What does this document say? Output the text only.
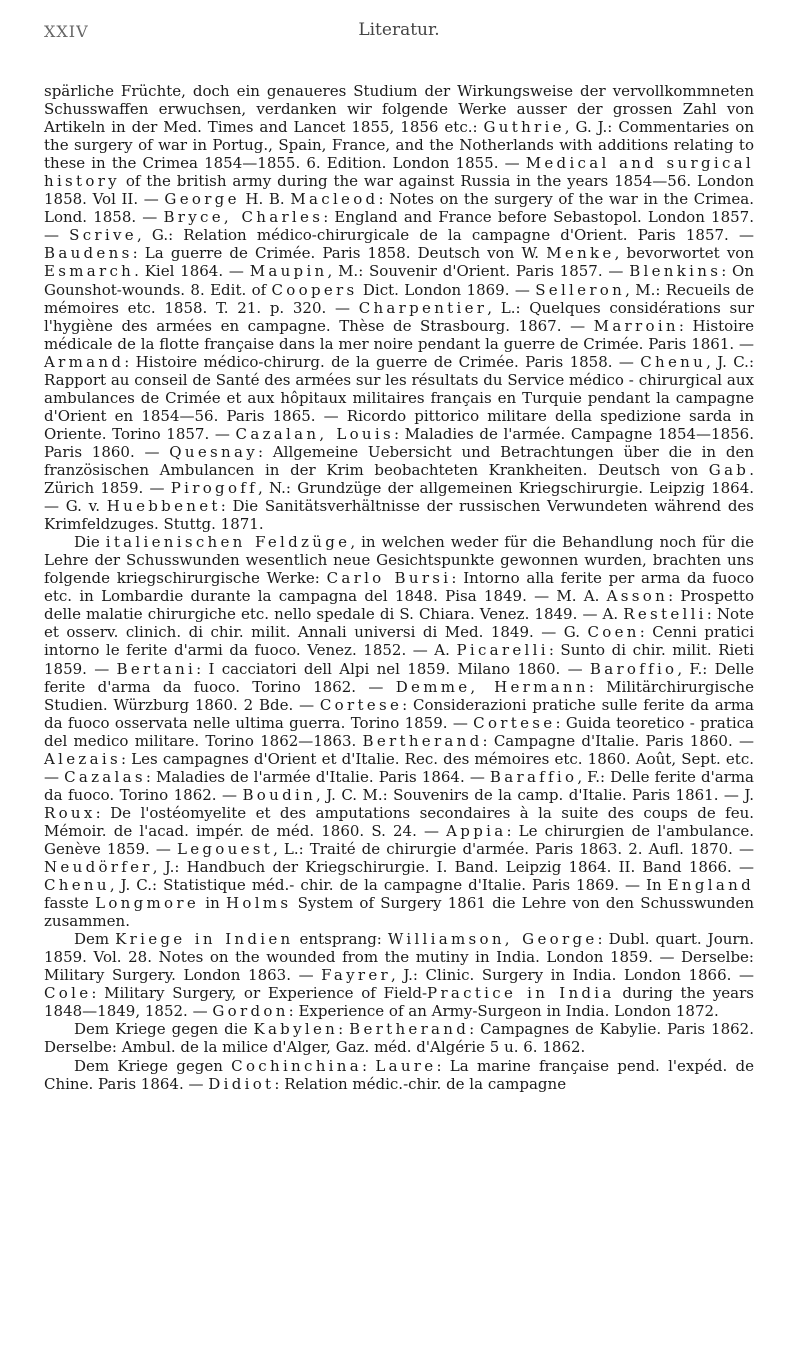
XXIV	Literatur.

spärliche Früchte, doch ein genaueres Studium der Wirkungsweise der vervollkommneten Schusswaffen erwuchsen, verdanken wir folgende Werke ausser der grossen Zahl von Artikeln in der Med. Times and Lancet 1855, 1856 etc.: Guthrie, G. J.: Commentaries on the surgery of war in Portug., Spain, France, and the Notherlands with additions relating to these in the Crimea 1854—1855. 6. Edition. London 1855. — Medical and surgical history of the british army during the war against Russia in the years 1854—56. London 1858. Vol II. — George H. B. Macleod: Notes on the surgery of the war in the Crimea. Lond. 1858. — Bryce, Charles: England and France before Sebastopol. London 1857. — Scrive, G.: Relation médico-chirurgicale de la campagne d'Orient. Paris 1857. — Baudens: La guerre de Crimée. Paris 1858. Deutsch von W. Menke, bevorwortet von Esmarch. Kiel 1864. — Maupin, M.: Souvenir d'Orient. Paris 1857. — Blenkins: On Gounshot-wounds. 8. Edit. of Coopers Dict. London 1869. — Selleron, M.: Recueils de mémoires etc. 1858. T. 21. p. 320. — Charpentier, L.: Quelques considérations sur l'hygiène des armées en campagne. Thèse de Strasbourg. 1867. — Marroin: Histoire médicale de la flotte française dans la mer noire pendant la guerre de Crimée. Paris 1861. — Armand: Histoire médico-chirurg. de la guerre de Crimée. Paris 1858. — Chenu, J. C.: Rapport au conseil de Santé des armées sur les résultats du Service médico - chirurgical aux ambulances de Crimée et aux hôpitaux militaires français en Turquie pendant la campagne d'Orient en 1854—56. Paris 1865. — Ricordo pittorico militare della spedizione sarda in Oriente. Torino 1857. — Cazalan, Louis: Maladies de l'armée. Campagne 1854—1856. Paris 1860. — Quesnay: Allgemeine Uebersicht und Betrachtungen über die in den französischen Ambulancen in der Krim beobachteten Krankheiten. Deutsch von Gab. Zürich 1859. — Pirogoff, N.: Grundzüge der allgemeinen Kriegschirurgie. Leipzig 1864. — G. v. Huebbenet: Die Sanitätsverhältnisse der russischen Verwundeten während des Krimfeldzuges. Stuttg. 1871.

Die italienischen Feldzüge, in welchen weder für die Behandlung noch für die Lehre der Schusswunden wesentlich neue Gesichtspunkte gewonnen wurden, brachten uns folgende kriegschirurgische Werke: Carlo Bursi: Intorno alla ferite per arma da fuoco etc. in Lombardie durante la campagna del 1848. Pisa 1849. — M. A. Asson: Prospetto delle malatie chirurgiche etc. nello spedale di S. Chiara. Venez. 1849. — A. Restelli: Note et osserv. clinich. di chir. milit. Annali universi di Med. 1849. — G. Coen: Cenni pratici intorno le ferite d'armi da fuoco. Venez. 1852. — A. Picarelli: Sunto di chir. milit. Rieti 1859. — Bertani: I cacciatori dell Alpi nel 1859. Milano 1860. — Baroffio, F.: Delle ferite d'arma da fuoco. Torino 1862. — Demme, Hermann: Militärchirurgische Studien. Würzburg 1860. 2 Bde. — Cortese: Considerazioni pratiche sulle ferite da arma da fuoco osservata nelle ultima guerra. Torino 1859. — Cortese: Guida teoretico - pratica del medico militare. Torino 1862—1863. Bertherand: Campagne d'Italie. Paris 1860. — Alezais: Les campagnes d'Orient et d'Italie. Rec. des mémoires etc. 1860. Août, Sept. etc. — Cazalas: Maladies de l'armée d'Italie. Paris 1864. — Baraffio, F.: Delle ferite d'arma da fuoco. Torino 1862. — Boudin, J. C. M.: Souvenirs de la camp. d'Italie. Paris 1861. — J. Roux: De l'ostéomyelite et des amputations secondaires à la suite des coups de feu. Mémoir. de l'acad. impér. de méd. 1860. S. 24. — Appia: Le chirurgien de l'ambulance. Genève 1859. — Legouest, L.: Traité de chirurgie d'armée. Paris 1863. 2. Aufl. 1870. — Neudörfer, J.: Handbuch der Kriegschirurgie. I. Band. Leipzig 1864. II. Band 1866. — Chenu, J. C.: Statistique méd.- chir. de la campagne d'Italie. Paris 1869. — In England fasste Longmore in Holms System of Surgery 1861 die Lehre von den Schusswunden zusammen.

Dem Kriege in Indien entsprang: Williamson, George: Dubl. quart. Journ. 1859. Vol. 28. Notes on the wounded from the mutiny in India. London 1859. — Derselbe: Military Surgery. London 1863. — Fayrer, J.: Clinic. Surgery in India. London 1866. — Cole: Military Surgery, or Experience of Field-Practice in India during the years 1848—1849, 1852. — Gordon: Experience of an Army-Surgeon in India. London 1872.

Dem Kriege gegen die Kabylen: Bertherand: Campagnes de Kabylie. Paris 1862. Derselbe: Ambul. de la milice d'Alger, Gaz. méd. d'Algérie 5 u. 6. 1862.

Dem Kriege gegen Cochinchina: Laure: La marine française pend. l'expéd. de Chine. Paris 1864. — Didiot: Relation médic.-chir. de la campagne
